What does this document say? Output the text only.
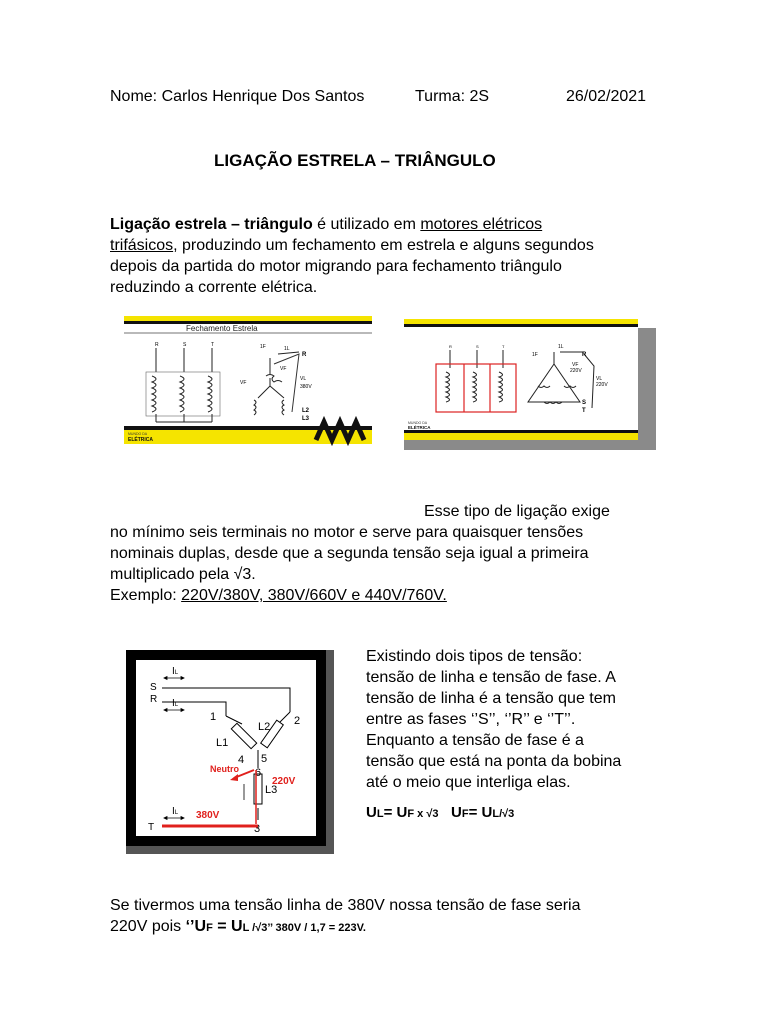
Nome: Carlos Henrique Dos Santos	Turma: 2S	26/02/2021
LIGAÇÃO ESTRELA – TRIÂNGULO
Ligação estrela – triângulo é utilizado em motores elétricos
trifásicos, produzindo um fechamento em estrela e alguns segundos
depois da partida do motor migrando para fechamento triângulo
reduzindo a corrente elétrica.
Fechamento Estrela
R	S	T	1F	1L
R
VF
VF
VL
380V
L2
L3
MUNDO DA
ELÉTRICA
R	S	T
1F
1L
R
VF
220V
VL
220V
S
T
MUNDO DA
ELÉTRICA
Esse tipo de ligação exige
no mínimo seis terminais no motor e serve para quaisquer tensões
nominais duplas, desde que a segunda tensão seja igual a primeira
multiplicado pela √3.
Exemplo: 220V/380V, 380V/660V e 440V/760V.
IL
IL
IL
S
R
T
1	2
3
4 5
6
L1
L2
L3
Neutro
220V
380V
Existindo dois tipos de tensão:
tensão de linha e tensão de fase. A
tensão de linha é a tensão que tem
entre as fases ‘’S’’, ‘’R’’ e ‘’T’’.
Enquanto a tensão de fase é a
tensão que está na ponta da bobina
até o meio que interliga elas.
UL= UF x √3 UF= UL/√3
Se tivermos uma tensão linha de 380V nossa tensão de fase seria
220V pois ‘’UF = UL /√3’’ 380V / 1,7 = 223V.
